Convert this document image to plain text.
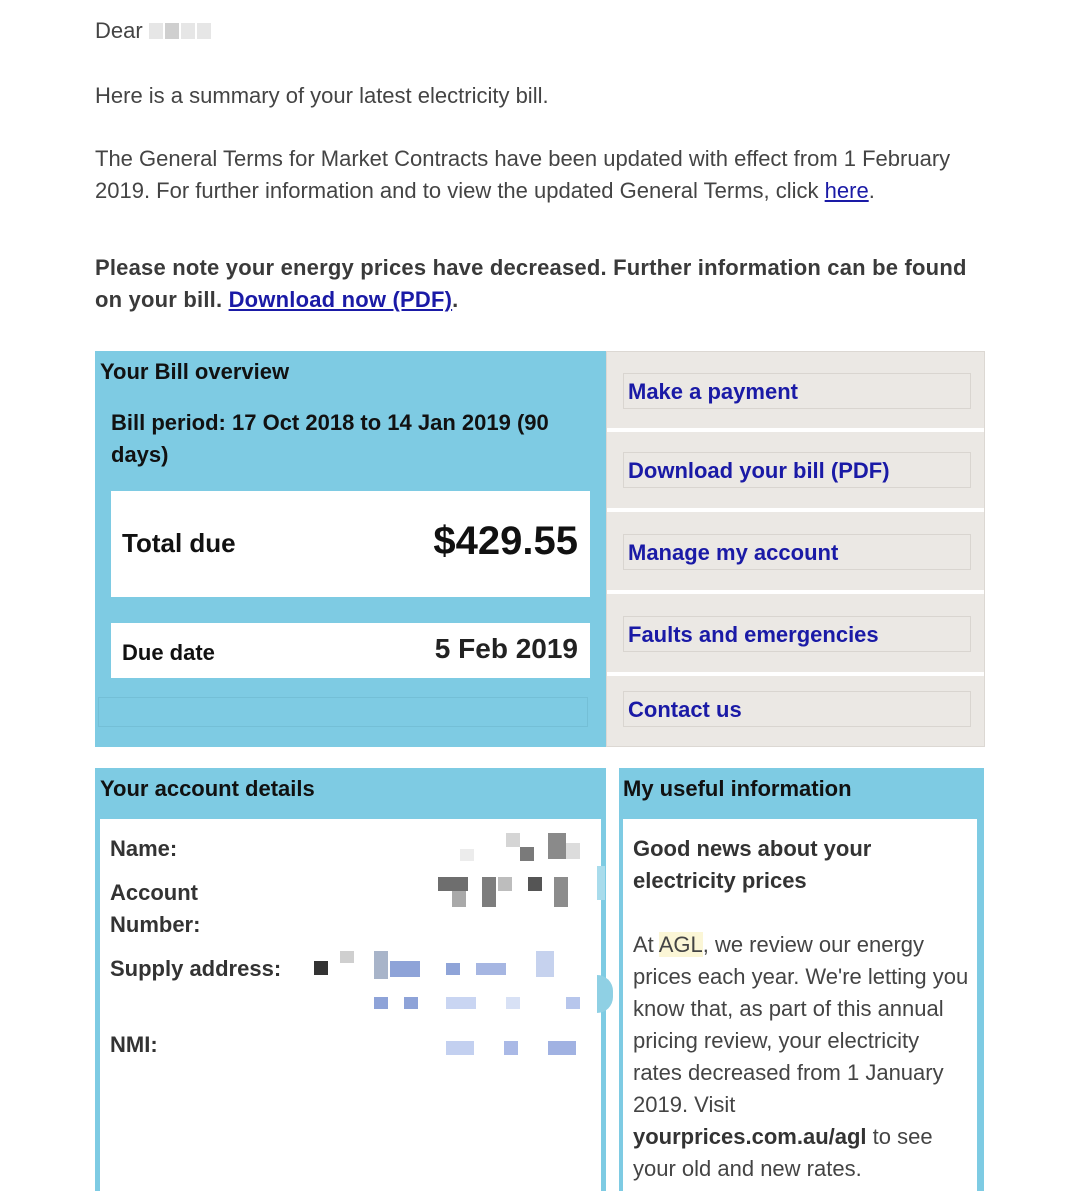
Dear
Here is a summary of your latest electricity bill.
The General Terms for Market Contracts have been updated with effect from 1 February 2019. For further information and to view the updated General Terms, click here.
Please note your energy prices have decreased. Further information can be found on your bill. Download now (PDF).
Your Bill overview
Bill period: 17 Oct 2018 to 14 Jan 2019 (90 days)
Total due	$429.55
Due date	5 Feb 2019
Make a payment
Download your bill (PDF)
Manage my account
Faults and emergencies
Contact us
Your account details
Name:
Account Number:
Supply address:
NMI:
My useful information
Good news about your electricity prices
At AGL, we review our energy prices each year. We're letting you know that, as part of this annual pricing review, your electricity rates decreased from 1 January 2019. Visit yourprices.com.au/agl to see your old and new rates.
